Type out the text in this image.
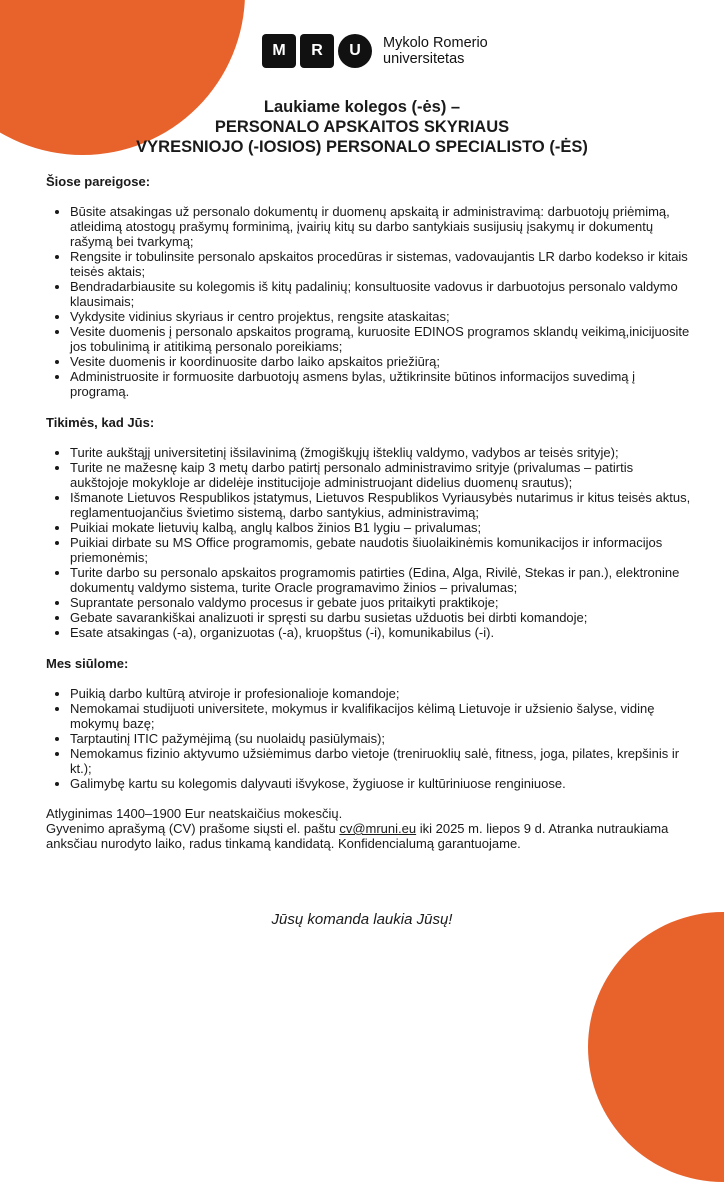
M	R	U	Mykolo Romerio
universitetas
Laukiame kolegos (-ės) –
PERSONALO APSKAITOS SKYRIAUS
VYRESNIOJO (-IOSIOS) PERSONALO SPECIALISTO (-ĖS)

Šiose pareigose:

• Būsite atsakingas už personalo dokumentų ir duomenų apskaitą ir administravimą: darbuotojų priėmimą, atleidimą atostogų prašymų forminimą, įvairių kitų su darbo santykiais susijusių įsakymų ir dokumentų rašymą bei tvarkymą;
• Rengsite ir tobulinsite personalo apskaitos procedūras ir sistemas, vadovaujantis LR darbo kodekso ir kitais teisės aktais;
• Bendradarbiausite su kolegomis iš kitų padalinių; konsultuosite vadovus ir darbuotojus personalo valdymo klausimais;
• Vykdysite vidinius skyriaus ir centro projektus, rengsite ataskaitas;
• Vesite duomenis į personalo apskaitos programą, kuruosite EDINOS programos sklandų veikimą,inicijuosite jos tobulinimą ir atitikimą personalo poreikiams;
• Vesite duomenis ir koordinuosite darbo laiko apskaitos priežiūrą;
• Administruosite ir formuosite darbuotojų asmens bylas, užtikrinsite būtinos informacijos suvedimą į programą.

Tikimės, kad Jūs:

• Turite aukštąjį universitetinį išsilavinimą (žmogiškųjų išteklių valdymo, vadybos ar teisės srityje);
• Turite ne mažesnę kaip 3 metų darbo patirtį personalo administravimo srityje (privalumas – patirtis aukštojoje mokykloje ar didelėje institucijoje administruojant didelius duomenų srautus);
• Išmanote Lietuvos Respublikos įstatymus, Lietuvos Respublikos Vyriausybės nutarimus ir kitus teisės aktus, reglamentuojančius švietimo sistemą, darbo santykius, administravimą;
• Puikiai mokate lietuvių kalbą, anglų kalbos žinios B1 lygiu – privalumas;
• Puikiai dirbate su MS Office programomis, gebate naudotis šiuolaikinėmis komunikacijos ir informacijos priemonėmis;
• Turite darbo su personalo apskaitos programomis patirties (Edina, Alga, Rivilė, Stekas ir pan.), elektronine dokumentų valdymo sistema, turite Oracle programavimo žinios – privalumas;
• Suprantate personalo valdymo procesus ir gebate juos pritaikyti praktikoje;
• Gebate savarankiškai analizuoti ir spręsti su darbu susietas užduotis bei dirbti komandoje;
• Esate atsakingas (-a), organizuotas (-a), kruopštus (-i), komunikabilus (-i).

Mes siūlome:

• Puikią darbo kultūrą atviroje ir profesionalioje komandoje;
• Nemokamai studijuoti universitete, mokymus ir kvalifikacijos kėlimą Lietuvoje ir užsienio šalyse, vidinę mokymų bazę;
• Tarptautinį ITIC pažymėjimą (su nuolaidų pasiūlymais);
• Nemokamus fizinio aktyvumo užsiėmimus darbo vietoje (treniruoklių salė, fitness, joga, pilates, krepšinis ir kt.);
• Galimybę kartu su kolegomis dalyvauti išvykose, žygiuose ir kultūriniuose renginiuose.

Atlyginimas 1400–1900 Eur neatskaičius mokesčių.

Gyvenimo aprašymą (CV) prašome siųsti el. paštu cv@mruni.eu iki 2025 m. liepos 9 d. Atranka nutraukiama anksčiau nurodyto laiko, radus tinkamą kandidatą. Konfidencialumą garantuojame.

Jūsų komanda laukia Jūsų!
